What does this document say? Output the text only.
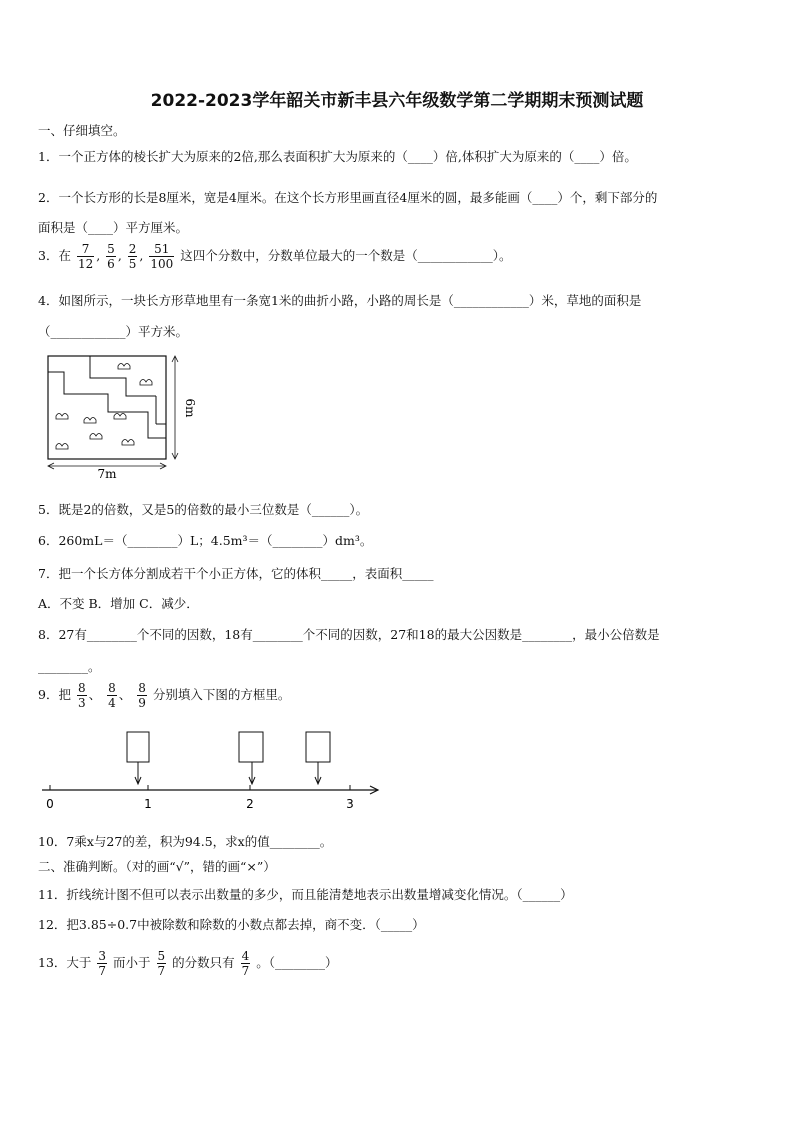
2022-2023学年韶关市新丰县六年级数学第二学期期末预测试题
一、仔细填空。
1．一个正方体的棱长扩大为原来的2倍,那么表面积扩大为原来的（____）倍,体积扩大为原来的（____）倍。
2．一个长方形的长是8厘米，宽是4厘米。在这个长方形里画直径4厘米的圆，最多能画（____）个，剩下部分的
面积是（____）平方厘米。
3．在 $\frac{7}{12}$ , $\frac{5}{6}$ , $\frac{2}{5}$ , $\frac{51}{100}$ 这四个分数中，分数单位最大的一个数是（____________）。
4．如图所示，一块长方形草地里有一条宽1米的曲折小路，小路的周长是（____________）米，草地的面积是
（____________）平方米。
7m
6m
5．既是2的倍数，又是5的倍数的最小三位数是（______）。
6．260mL＝（________）L；4.5m³＝（________）dm³。
7．把一个长方体分割成若干个小正方体，它的体积_____，表面积_____
A．不变 B．增加 C．减少．
8．27有________个不同的因数，18有________个不同的因数，27和18的最大公因数是________，最小公倍数是
________。
9．把 $\frac{8}{3}$ 、 $\frac{8}{4}$ 、 $\frac{8}{9}$ 分别填入下图的方框里。
0	1	2	3
10．7乘x与27的差，积为94.5，求x的值________。
二、准确判断。（对的画“√”，错的画“×”）
11．折线统计图不但可以表示出数量的多少，而且能清楚地表示出数量增减变化情况。（______）
12．把3.85÷0.7中被除数和除数的小数点都去掉，商不变．（_____）
13．大于 $\frac{3}{7}$ 而小于 $\frac{5}{7}$ 的分数只有 $\frac{4}{7}$ 。（________）
